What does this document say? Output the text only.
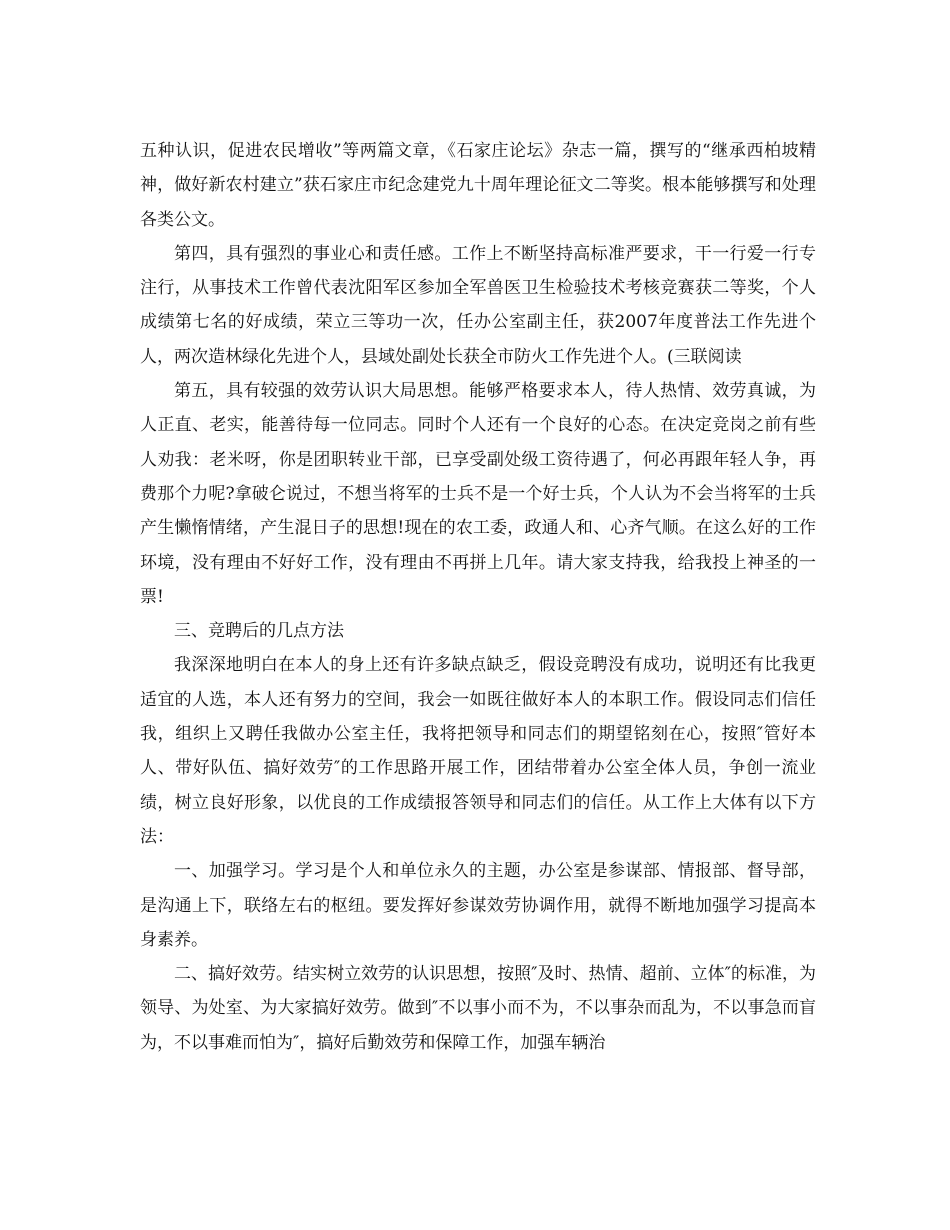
五种认识，促进农民增收”等两篇文章，《石家庄论坛》杂志一篇，撰写的“继承西柏坡精神，做好新农村建立”获石家庄市纪念建党九十周年理论征文二等奖。根本能够撰写和处理各类公文。

第四，具有强烈的事业心和责任感。工作上不断坚持高标准严要求，干一行爱一行专注行，从事技术工作曾代表沈阳军区参加全军兽医卫生检验技术考核竞赛获二等奖，个人成绩第七名的好成绩，荣立三等功一次，任办公室副主任，获2007年度普法工作先进个人，两次造林绿化先进个人，县域处副处长获全市防火工作先进个人。(三联阅读

第五，具有较强的效劳认识大局思想。能够严格要求本人，待人热情、效劳真诚，为人正直、老实，能善待每一位同志。同时个人还有一个良好的心态。在决定竞岗之前有些人劝我：老米呀，你是团职转业干部，已享受副处级工资待遇了，何必再跟年轻人争，再费那个力呢?拿破仑说过，不想当将军的士兵不是一个好士兵，个人认为不会当将军的士兵产生懒惰情绪，产生混日子的思想!现在的农工委，政通人和、心齐气顺。在这么好的工作环境，没有理由不好好工作，没有理由不再拼上几年。请大家支持我，给我投上神圣的一票!

三、竞聘后的几点方法

我深深地明白在本人的身上还有许多缺点缺乏，假设竞聘没有成功，说明还有比我更适宜的人选，本人还有努力的空间，我会一如既往做好本人的本职工作。假设同志们信任我，组织上又聘任我做办公室主任，我将把领导和同志们的期望铭刻在心，按照″管好本人、带好队伍、搞好效劳″的工作思路开展工作，团结带着办公室全体人员，争创一流业绩，树立良好形象，以优良的工作成绩报答领导和同志们的信任。从工作上大体有以下方法：

一、加强学习。学习是个人和单位永久的主题，办公室是参谋部、情报部、督导部，是沟通上下，联络左右的枢纽。要发挥好参谋效劳协调作用，就得不断地加强学习提高本身素养。

二、搞好效劳。结实树立效劳的认识思想，按照″及时、热情、超前、立体″的标准，为领导、为处室、为大家搞好效劳。做到″不以事小而不为，不以事杂而乱为，不以事急而盲为，不以事难而怕为″，搞好后勤效劳和保障工作，加强车辆治
